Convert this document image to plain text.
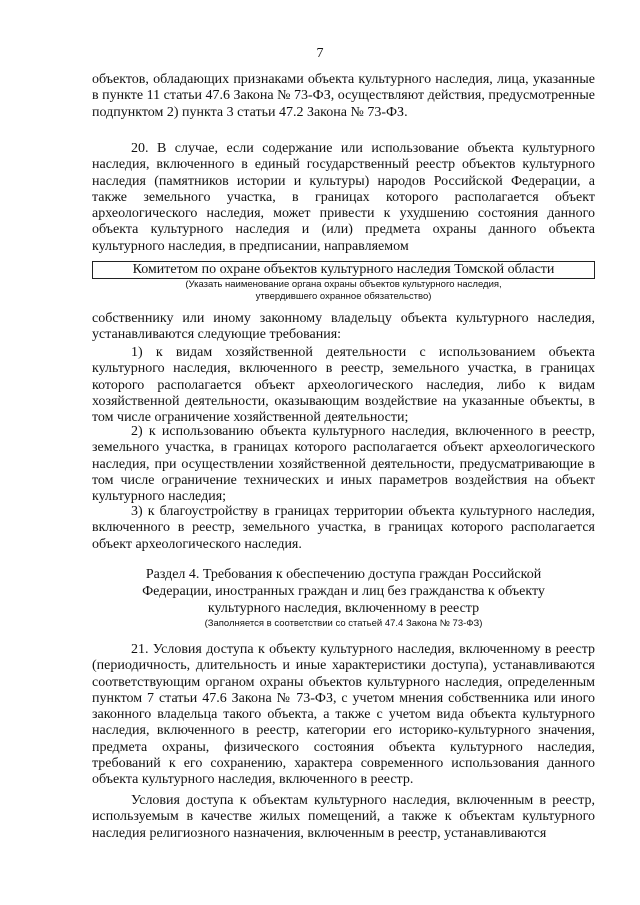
7
объектов, обладающих признаками объекта культурного наследия, лица, указанные в пункте 11 статьи 47.6 Закона № 73-ФЗ, осуществляют действия, предусмотренные подпунктом 2) пункта 3 статьи 47.2 Закона № 73-ФЗ.
20. В случае, если содержание или использование объекта культурного наследия, включенного в единый государственный реестр объектов культурного наследия (памятников истории и культуры) народов Российской Федерации, а также земельного участка, в границах которого располагается объект археологического наследия, может привести к ухудшению состояния данного объекта культурного наследия и (или) предмета охраны данного объекта культурного наследия, в предписании, направляемом
Комитетом по охране объектов культурного наследия Томской области
(Указать наименование органа охраны объектов культурного наследия,
утвердившего охранное обязательство)
собственнику или иному законному владельцу объекта культурного наследия, устанавливаются следующие требования:
1) к видам хозяйственной деятельности с использованием объекта культурного наследия, включенного в реестр, земельного участка, в границах которого располагается объект археологического наследия, либо к видам хозяйственной деятельности, оказывающим воздействие на указанные объекты, в том числе ограничение хозяйственной деятельности;
2) к использованию объекта культурного наследия, включенного в реестр, земельного участка, в границах которого располагается объект археологического наследия, при осуществлении хозяйственной деятельности, предусматривающие в том числе ограничение технических и иных параметров воздействия на объект культурного наследия;
3) к благоустройству в границах территории объекта культурного наследия, включенного в реестр, земельного участка, в границах которого располагается объект археологического наследия.
Раздел 4. Требования к обеспечению доступа граждан Российской
Федерации, иностранных граждан и лиц без гражданства к объекту
культурного наследия, включенному в реестр
(Заполняется в соответствии со статьей 47.4 Закона № 73-ФЗ)
21. Условия доступа к объекту культурного наследия, включенному в реестр (периодичность, длительность и иные характеристики доступа), устанавливаются соответствующим органом охраны объектов культурного наследия, определенным пунктом 7 статьи 47.6 Закона № 73-ФЗ, с учетом мнения собственника или иного законного владельца такого объекта, а также с учетом вида объекта культурного наследия, включенного в реестр, категории его историко-культурного значения, предмета охраны, физического состояния объекта культурного наследия, требований к его сохранению, характера современного использования данного объекта культурного наследия, включенного в реестр.
Условия доступа к объектам культурного наследия, включенным в реестр, используемым в качестве жилых помещений, а также к объектам культурного наследия религиозного назначения, включенным в реестр, устанавливаются
